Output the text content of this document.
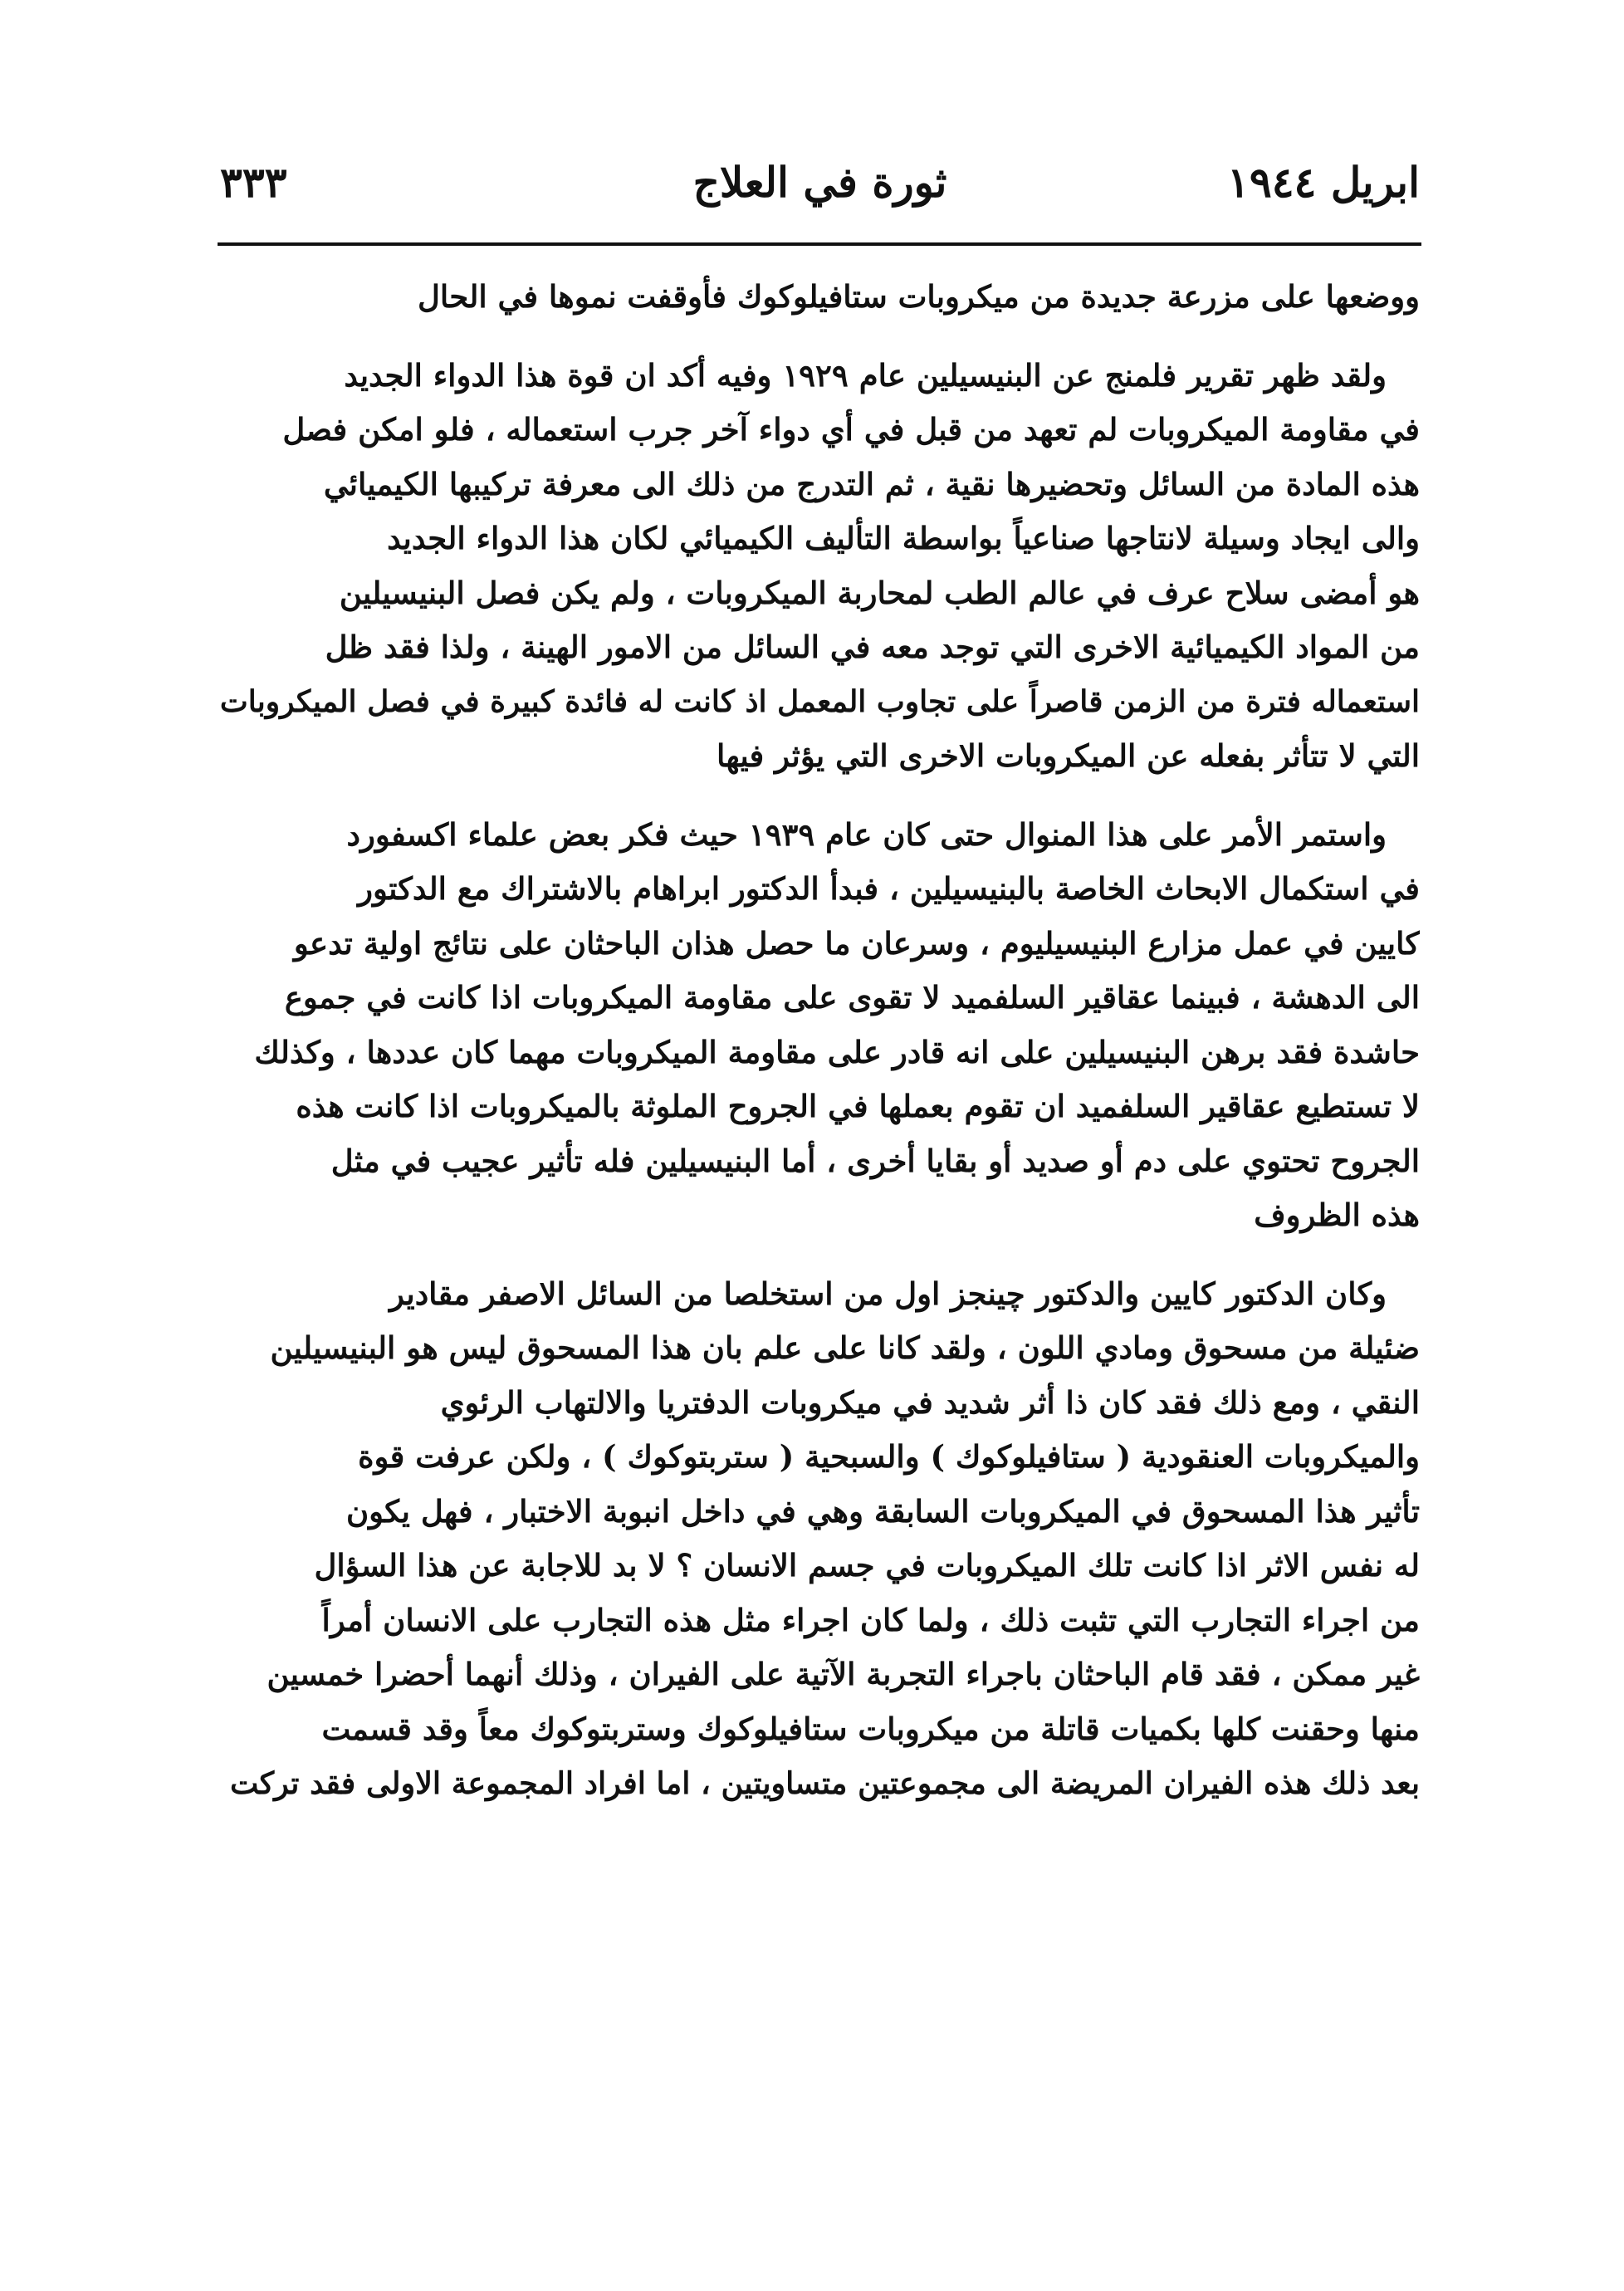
ابريل ١٩٤٤
ثورة في العلاج
٣٣٣

ووضعها على مزرعة جديدة من ميكروبات ستافيلوكوك فأوقفت نموها في الحال

ولقد ظهر تقرير فلمنج عن البنيسيلين عام ١٩٢٩ وفيه أكد ان قوة هذا الدواء الجديد
في مقاومة الميكروبات لم تعهد من قبل في أي دواء آخر جرب استعماله ، فلو امكن فصل
هذه المادة من السائل وتحضيرها نقية ، ثم التدرج من ذلك الى معرفة تركيبها الكيميائي
والى ايجاد وسيلة لانتاجها صناعياً بواسطة التأليف الكيميائي لكان هذا الدواء الجديد
هو أمضى سلاح عرف في عالم الطب لمحاربة الميكروبات ، ولم يكن فصل البنيسيلين
من المواد الكيميائية الاخرى التي توجد معه في السائل من الامور الهينة ، ولذا فقد ظل
استعماله فترة من الزمن قاصراً على تجاوب المعمل اذ كانت له فائدة كبيرة في فصل الميكروبات
التي لا تتأثر بفعله عن الميكروبات الاخرى التي يؤثر فيها

واستمر الأمر على هذا المنوال حتى كان عام ١٩٣٩ حيث فكر بعض علماء اكسفورد
في استكمال الابحاث الخاصة بالبنيسيلين ، فبدأ الدكتور ابراهام بالاشتراك مع الدكتور
كايين في عمل مزارع البنيسيليوم ، وسرعان ما حصل هذان الباحثان على نتائج اولية تدعو
الى الدهشة ، فبينما عقاقير السلفميد لا تقوى على مقاومة الميكروبات اذا كانت في جموع
حاشدة فقد برهن البنيسيلين على انه قادر على مقاومة الميكروبات مهما كان عددها ، وكذلك
لا تستطيع عقاقير السلفميد ان تقوم بعملها في الجروح الملوثة بالميكروبات اذا كانت هذه
الجروح تحتوي على دم أو صديد أو بقايا أخرى ، أما البنيسيلين فله تأثير عجيب في مثل
هذه الظروف

وكان الدكتور كايين والدكتور چينجز اول من استخلصا من السائل الاصفر مقادير
ضئيلة من مسحوق ومادي اللون ، ولقد كانا على علم بان هذا المسحوق ليس هو البنيسيلين
النقي ، ومع ذلك فقد كان ذا أثر شديد في ميكروبات الدفتريا والالتهاب الرئوي
والميكروبات العنقودية ( ستافيلوكوك ) والسبحية ( ستربتوكوك ) ، ولكن عرفت قوة
تأثير هذا المسحوق في الميكروبات السابقة وهي في داخل انبوبة الاختبار ، فهل يكون
له نفس الاثر اذا كانت تلك الميكروبات في جسم الانسان ؟ لا بد للاجابة عن هذا السؤال
من اجراء التجارب التي تثبت ذلك ، ولما كان اجراء مثل هذه التجارب على الانسان أمراً
غير ممكن ، فقد قام الباحثان باجراء التجربة الآتية على الفيران ، وذلك أنهما أحضرا خمسين
منها وحقنت كلها بكميات قاتلة من ميكروبات ستافيلوكوك وستربتوكوك معاً وقد قسمت
بعد ذلك هذه الفيران المريضة الى مجموعتين متساويتين ، اما افراد المجموعة الاولى فقد تركت
